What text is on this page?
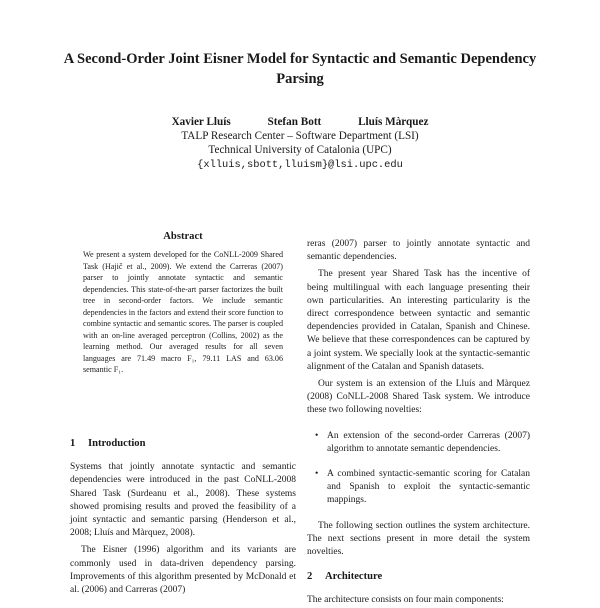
A Second-Order Joint Eisner Model for Syntactic and Semantic Dependency Parsing
Xavier Lluís	Stefan Bott	Lluís Màrquez
TALP Research Center – Software Department (LSI)
Technical University of Catalonia (UPC)
{xlluis,sbott,lluism}@lsi.upc.edu
Abstract
We present a system developed for the CoNLL-2009 Shared Task (Hajič et al., 2009). We extend the Carreras (2007) parser to jointly annotate syntactic and semantic dependencies. This state-of-the-art parser factorizes the built tree in second-order factors. We include semantic dependencies in the factors and extend their score function to combine syntactic and semantic scores. The parser is coupled with an on-line averaged perceptron (Collins, 2002) as the learning method. Our averaged results for all seven languages are 71.49 macro F₁, 79.11 LAS and 63.06 semantic F₁.

1 Introduction

Systems that jointly annotate syntactic and semantic dependencies were introduced in the past CoNLL-2008 Shared Task (Surdeanu et al., 2008). These systems showed promising results and proved the feasibility of a joint syntactic and semantic parsing (Henderson et al., 2008; Lluís and Màrquez, 2008).

The Eisner (1996) algorithm and its variants are commonly used in data-driven dependency parsing. Improvements of this algorithm presented by McDonald et al. (2006) and Carreras (2007)

reras (2007) parser to jointly annotate syntactic and semantic dependencies.

The present year Shared Task has the incentive of being multilingual with each language presenting their own particularities. An interesting particularity is the direct correspondence between syntactic and semantic dependencies provided in Catalan, Spanish and Chinese. We believe that these correspondences can be captured by a joint system. We specially look at the syntactic-semantic alignment of the Catalan and Spanish datasets.

Our system is an extension of the Lluís and Màrquez (2008) CoNLL-2008 Shared Task system. We introduce these two following novelties:

• An extension of the second-order Carreras (2007) algorithm to annotate semantic dependencies.
• A combined syntactic-semantic scoring for Catalan and Spanish to exploit the syntactic-semantic mappings.

The following section outlines the system architecture. The next sections present in more detail the system novelties.

2 Architecture

The architecture consists on four main components:
